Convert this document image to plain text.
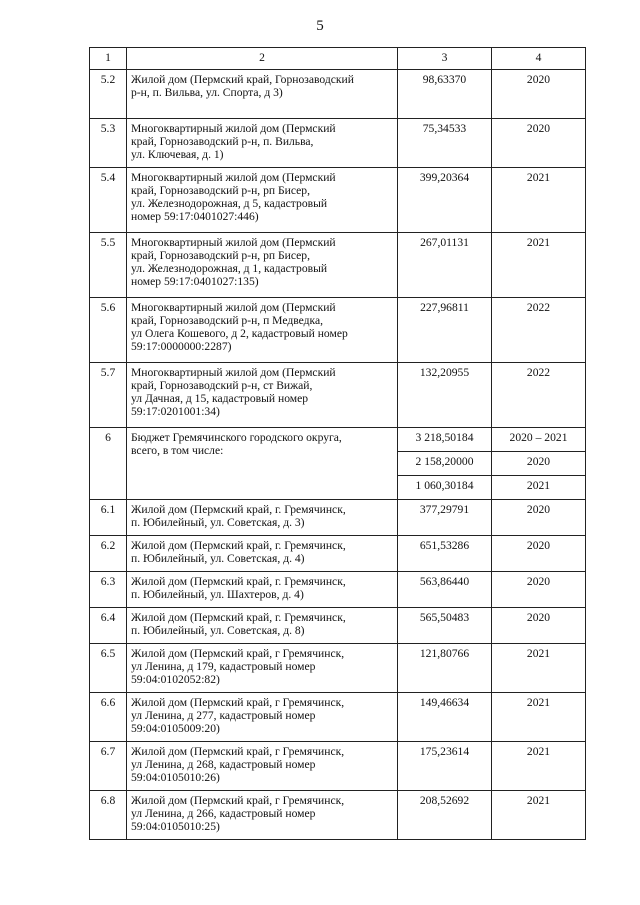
5
1	2	3	4
5.2	Жилой дом (Пермский край, Горнозаводский
р-н, п. Вильва, ул. Спорта, д 3)	98,63370	2020
5.3	Многоквартирный жилой дом (Пермский
край, Горнозаводский р-н, п. Вильва,
ул. Ключевая, д. 1)	75,34533	2020
5.4	Многоквартирный жилой дом (Пермский
край, Горнозаводский р-н, рп Бисер,
ул. Железнодорожная, д 5, кадастровый
номер 59:17:0401027:446)	399,20364	2021
5.5	Многоквартирный жилой дом (Пермский
край, Горнозаводский р-н, рп Бисер,
ул. Железнодорожная, д 1, кадастровый
номер 59:17:0401027:135)	267,01131	2021
5.6	Многоквартирный жилой дом (Пермский
край, Горнозаводский р-н, п Медведка,
ул Олега Кошевого, д 2, кадастровый номер
59:17:0000000:2287)	227,96811	2022
5.7	Многоквартирный жилой дом (Пермский
край, Горнозаводский р-н, ст Вижай,
ул Дачная, д 15, кадастровый номер
59:17:0201001:34)	132,20955	2022
6	Бюджет Гремячинского городского округа,
всего, в том числе:	3 218,50184	2020 – 2021
		2 158,20000	2020
		1 060,30184	2021
6.1	Жилой дом (Пермский край, г. Гремячинск,
п. Юбилейный, ул. Советская, д. 3)	377,29791	2020
6.2	Жилой дом (Пермский край, г. Гремячинск,
п. Юбилейный, ул. Советская, д. 4)	651,53286	2020
6.3	Жилой дом (Пермский край, г. Гремячинск,
п. Юбилейный, ул. Шахтеров, д. 4)	563,86440	2020
6.4	Жилой дом (Пермский край, г. Гремячинск,
п. Юбилейный, ул. Советская, д. 8)	565,50483	2020
6.5	Жилой дом (Пермский край, г Гремячинск,
ул Ленина, д 179, кадастровый номер
59:04:0102052:82)	121,80766	2021
6.6	Жилой дом (Пермский край, г Гремячинск,
ул Ленина, д 277, кадастровый номер
59:04:0105009:20)	149,46634	2021
6.7	Жилой дом (Пермский край, г Гремячинск,
ул Ленина, д 268, кадастровый номер
59:04:0105010:26)	175,23614	2021
6.8	Жилой дом (Пермский край, г Гремячинск,
ул Ленина, д 266, кадастровый номер
59:04:0105010:25)	208,52692	2021
